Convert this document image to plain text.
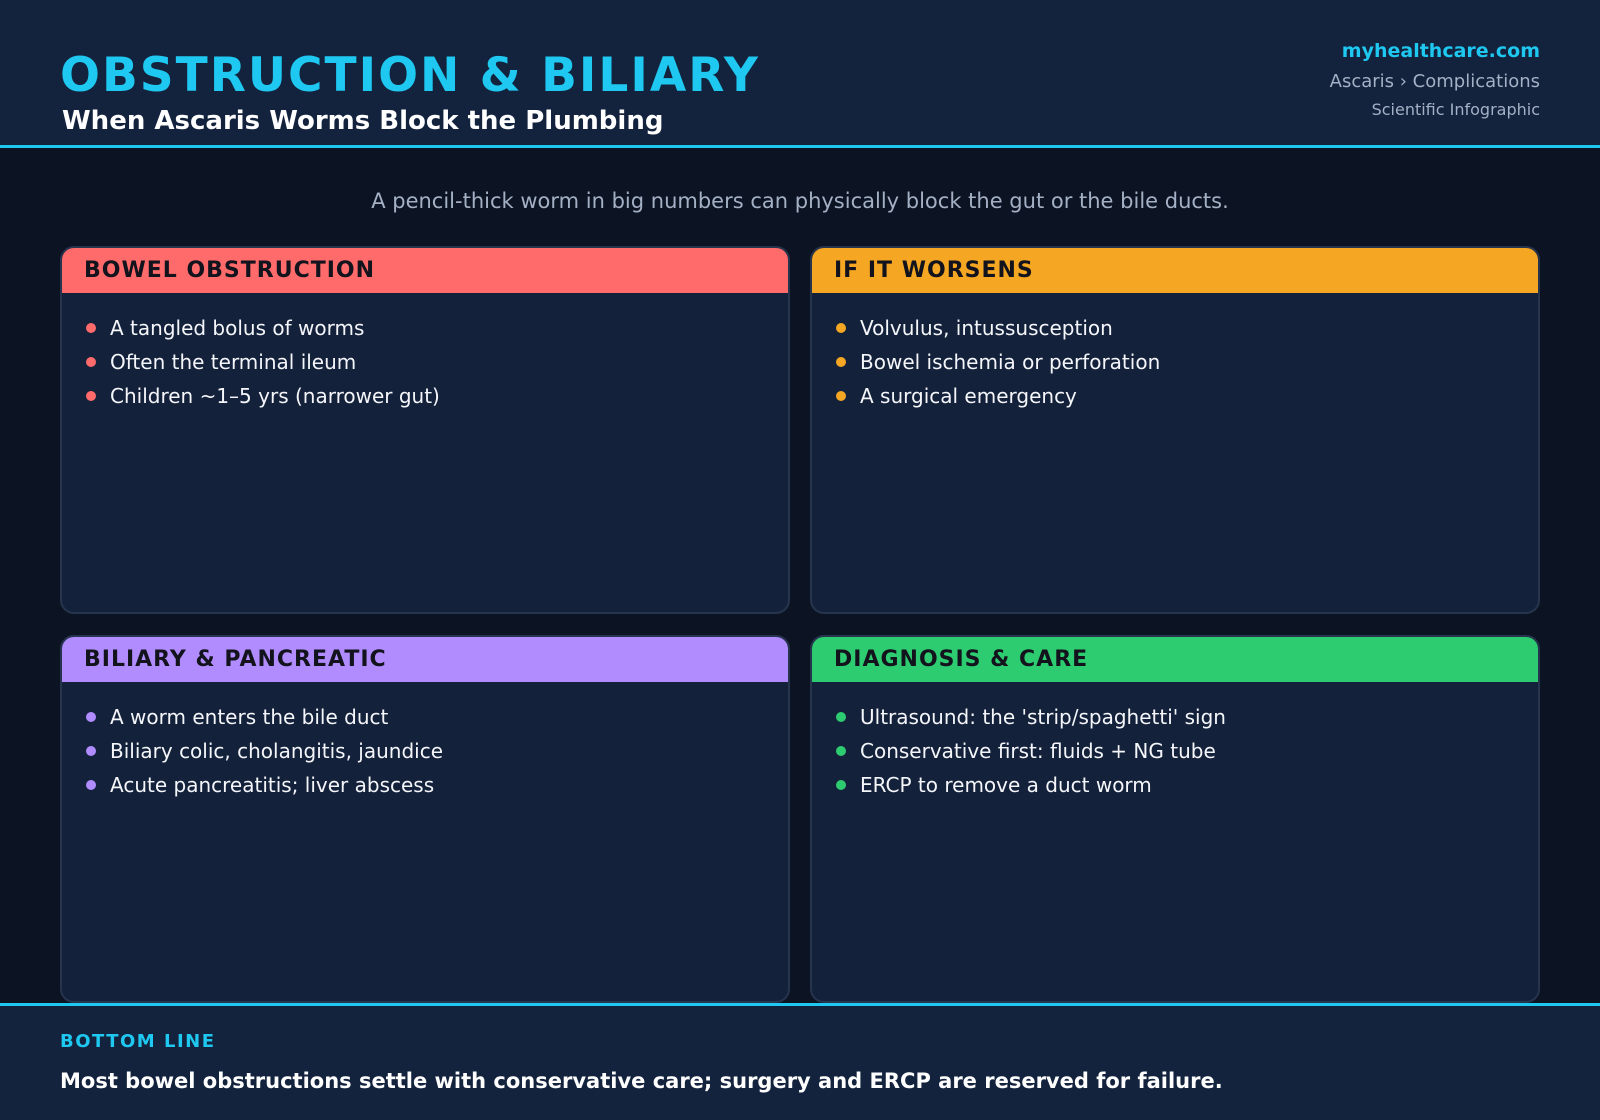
OBSTRUCTION & BILIARY
When Ascaris Worms Block the Plumbing
myhealthcare.com
Ascaris › Complications
Scientific Infographic
A pencil-thick worm in big numbers can physically block the gut or the bile ducts.
BOWEL OBSTRUCTION
A tangled bolus of worms
Often the terminal ileum
Children ~1–5 yrs (narrower gut)
IF IT WORSENS
Volvulus, intussusception
Bowel ischemia or perforation
A surgical emergency
BILIARY & PANCREATIC
A worm enters the bile duct
Biliary colic, cholangitis, jaundice
Acute pancreatitis; liver abscess
DIAGNOSIS & CARE
Ultrasound: the 'strip/spaghetti' sign
Conservative first: fluids + NG tube
ERCP to remove a duct worm
BOTTOM LINE
Most bowel obstructions settle with conservative care; surgery and ERCP are reserved for failure.
